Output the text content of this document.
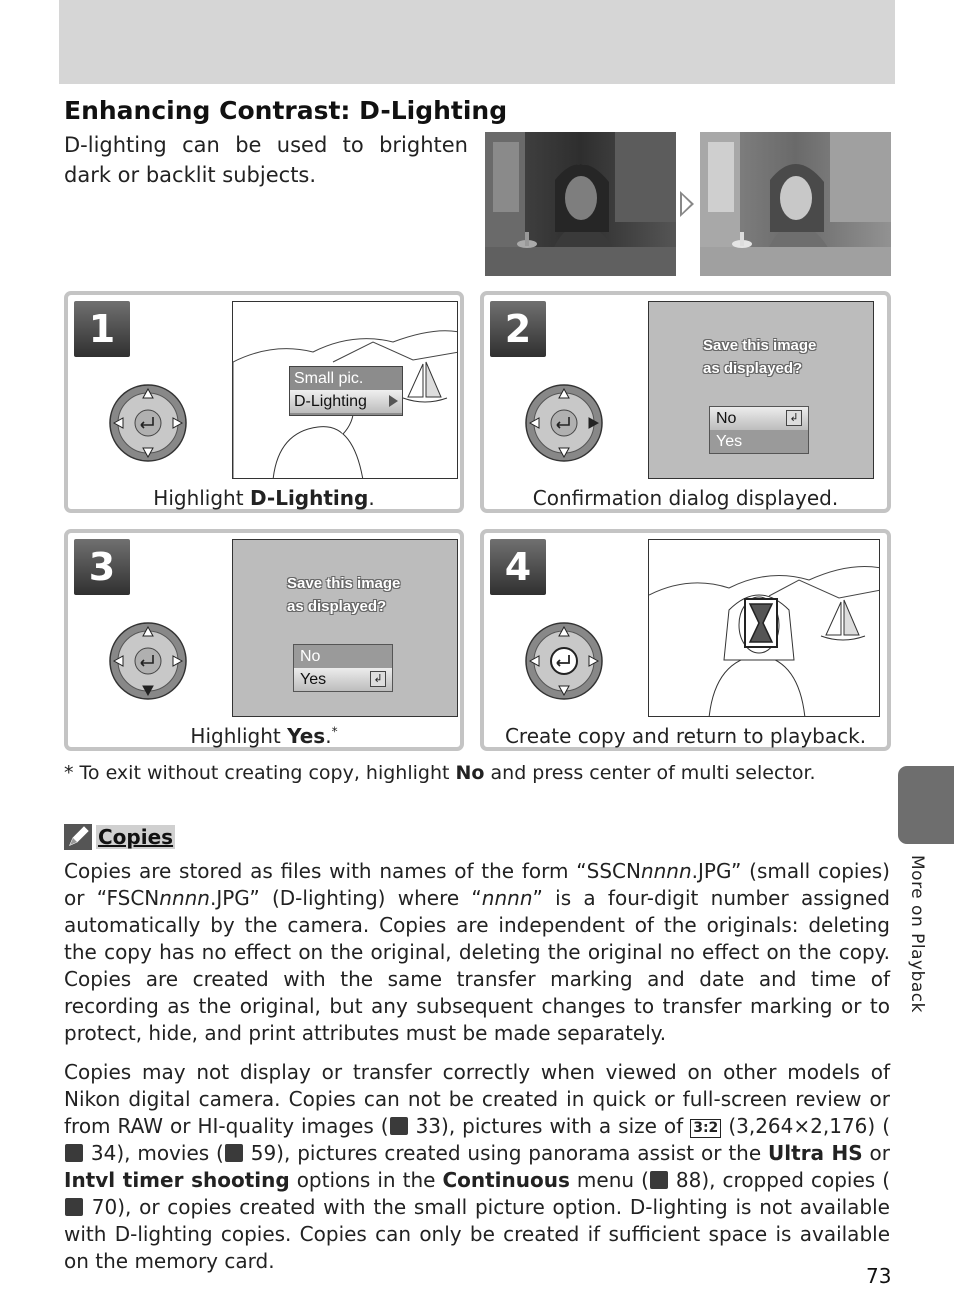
Enhancing Contrast: D-Lighting
D-lighting can be used to brighten dark or backlit subjects.
1
Small pic.
D-Lighting
Highlight D-Lighting.
2	Save this image
as displayed?
No	↲
Yes
Confirmation dialog displayed.
3	Save this image
as displayed?
No
Yes	↲
Highlight Yes.*
4
Create copy and return to playback.
* To exit without creating copy, highlight No and press center of multi selector.
More on Playback
Copies
Copies are stored as files with names of the form “SSCNnnnn.JPG” (small copies) or “FSCNnnnn.JPG” (D-lighting) where “nnnn” is a four-digit number assigned automatically by the camera. Copies are independent of the originals: deleting the copy has no effect on the original, deleting the original no effect on the copy. Copies are created with the same transfer marking and date and time of recording as the original, but any subsequent changes to transfer marking or to protect, hide, and print attributes must be made separately.
Copies may not display or transfer correctly when viewed on other models of Nikon digital camera. Copies can not be created in quick or full-screen review or from RAW or HI-quality images ( 33), pictures with a size of 3:2 (3,264×2,176) ( 34), movies ( 59), pictures created using panorama assist or the Ultra HS or Intvl timer shooting options in the Continuous menu ( 88), cropped copies ( 70), or copies created with the small picture option. D-lighting is not available with D-lighting copies. Copies can only be created if sufficient space is available on the memory card.
73
